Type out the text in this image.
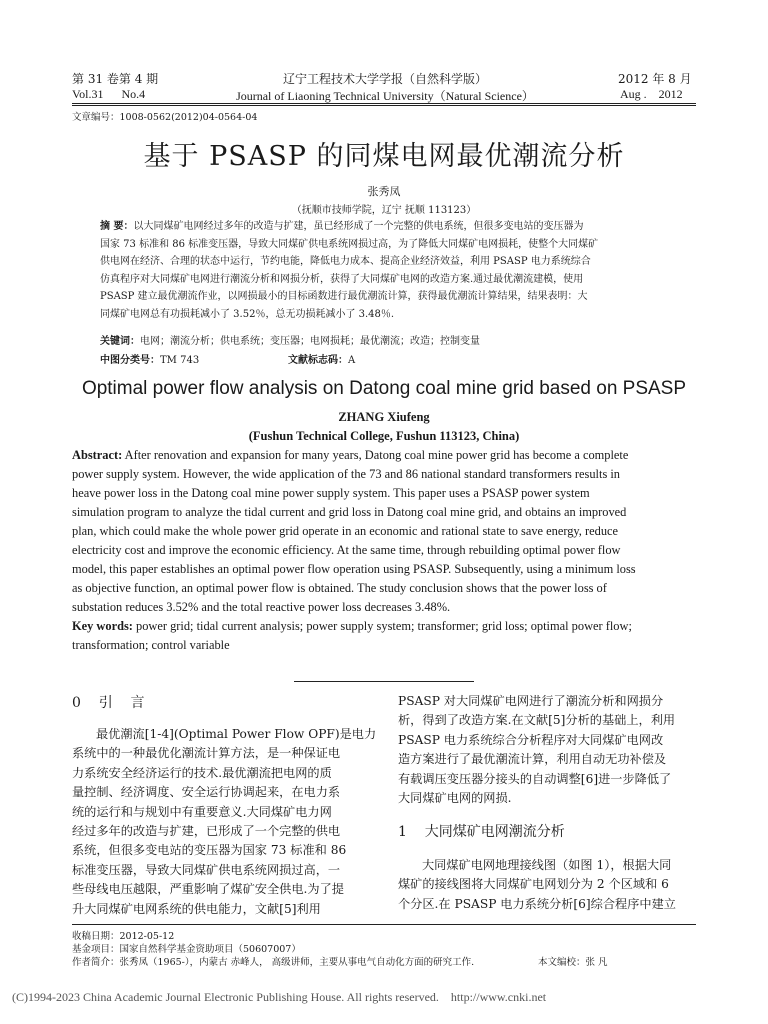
第 31 卷第 4 期	辽宁工程技术大学学报（自然科学版）	2012 年 8 月
Vol.31      No.4	Journal of Liaoning Technical University（Natural Science）	Aug .    2012
文章编号：1008-0562(2012)04-0564-04
基于 PSASP 的同煤电网最优潮流分析
张秀凤
（抚顺市技师学院，辽宁 抚顺 113123）
摘 要：以大同煤矿电网经过多年的改造与扩建，虽已经形成了一个完整的供电系统，但很多变电站的变压器为
国家 73 标准和 86 标准变压器，导致大同煤矿供电系统网损过高，为了降低大同煤矿电网损耗，使整个大同煤矿
供电网在经济、合理的状态中运行，节约电能，降低电力成本、提高企业经济效益，利用 PSASP 电力系统综合
仿真程序对大同煤矿电网进行潮流分析和网损分析，获得了大同煤矿电网的改造方案.通过最优潮流建模，使用
PSASP 建立最优潮流作业，以网损最小的目标函数进行最优潮流计算，获得最优潮流计算结果，结果表明：大
同煤矿电网总有功损耗减小了 3.52％，总无功损耗减小了 3.48％.
关键词：电网；潮流分析；供电系统；变压器；电网损耗；最优潮流；改造；控制变量
中图分类号：TM 743	文献标志码：A
Optimal power flow analysis on Datong coal mine grid based on PSASP
ZHANG Xiufeng
(Fushun Technical College, Fushun 113123, China)
Abstract: After renovation and expansion for many years, Datong coal mine power grid has become a complete
power supply system. However, the wide application of the 73 and 86 national standard transformers results in
heave power loss in the Datong coal mine power supply system. This paper uses a PSASP power system
simulation program to analyze the tidal current and grid loss in Datong coal mine grid, and obtains an improved
plan, which could make the whole power grid operate in an economic and rational state to save energy, reduce
electricity cost and improve the economic efficiency. At the same time, through rebuilding optimal power flow
model, this paper establishes an optimal power flow operation using PSASP. Subsequently, using a minimum loss
as objective function, an optimal power flow is obtained. The study conclusion shows that the power loss of
substation reduces 3.52% and the total reactive power loss decreases 3.48%.
Key words: power grid; tidal current analysis; power supply system; transformer; grid loss; optimal power flow;
transformation; control variable
0    引    言
最优潮流[1-4](Optimal Power Flow OPF)是电力
系统中的一种最优化潮流计算方法，是一种保证电
力系统安全经济运行的技术.最优潮流把电网的质
量控制、经济调度、安全运行协调起来，在电力系
统的运行和与规划中有重要意义.大同煤矿电力网
经过多年的改造与扩建，已形成了一个完整的供电
系统，但很多变电站的变压器为国家 73 标准和 86
标准变压器，导致大同煤矿供电系统网损过高，一
些母线电压越限，严重影响了煤矿安全供电.为了提
升大同煤矿电网系统的供电能力，文献[5]利用
PSASP 对大同煤矿电网进行了潮流分析和网损分
析，得到了改造方案.在文献[5]分析的基础上，利用
PSASP 电力系统综合分析程序对大同煤矿电网改
造方案进行了最优潮流计算，利用自动无功补偿及
有载调压变压器分接头的自动调整[6]进一步降低了
大同煤矿电网的网损.
1    大同煤矿电网潮流分析
大同煤矿电网地理接线图（如图 1），根据大同
煤矿的接线图将大同煤矿电网划分为 2 个区域和 6
个分区.在 PSASP 电力系统分析[6]综合程序中建立
收稿日期：2012-05-12
基金项目：国家自然科学基金资助项目（50607007）
作者简介：张秀凤（1965-），内蒙古 赤峰人， 高级讲师，主要从事电气自动化方面的研究工作.	本文编校：张 凡
(C)1994-2023 China Academic Journal Electronic Publishing House. All rights reserved.    http://www.cnki.net
